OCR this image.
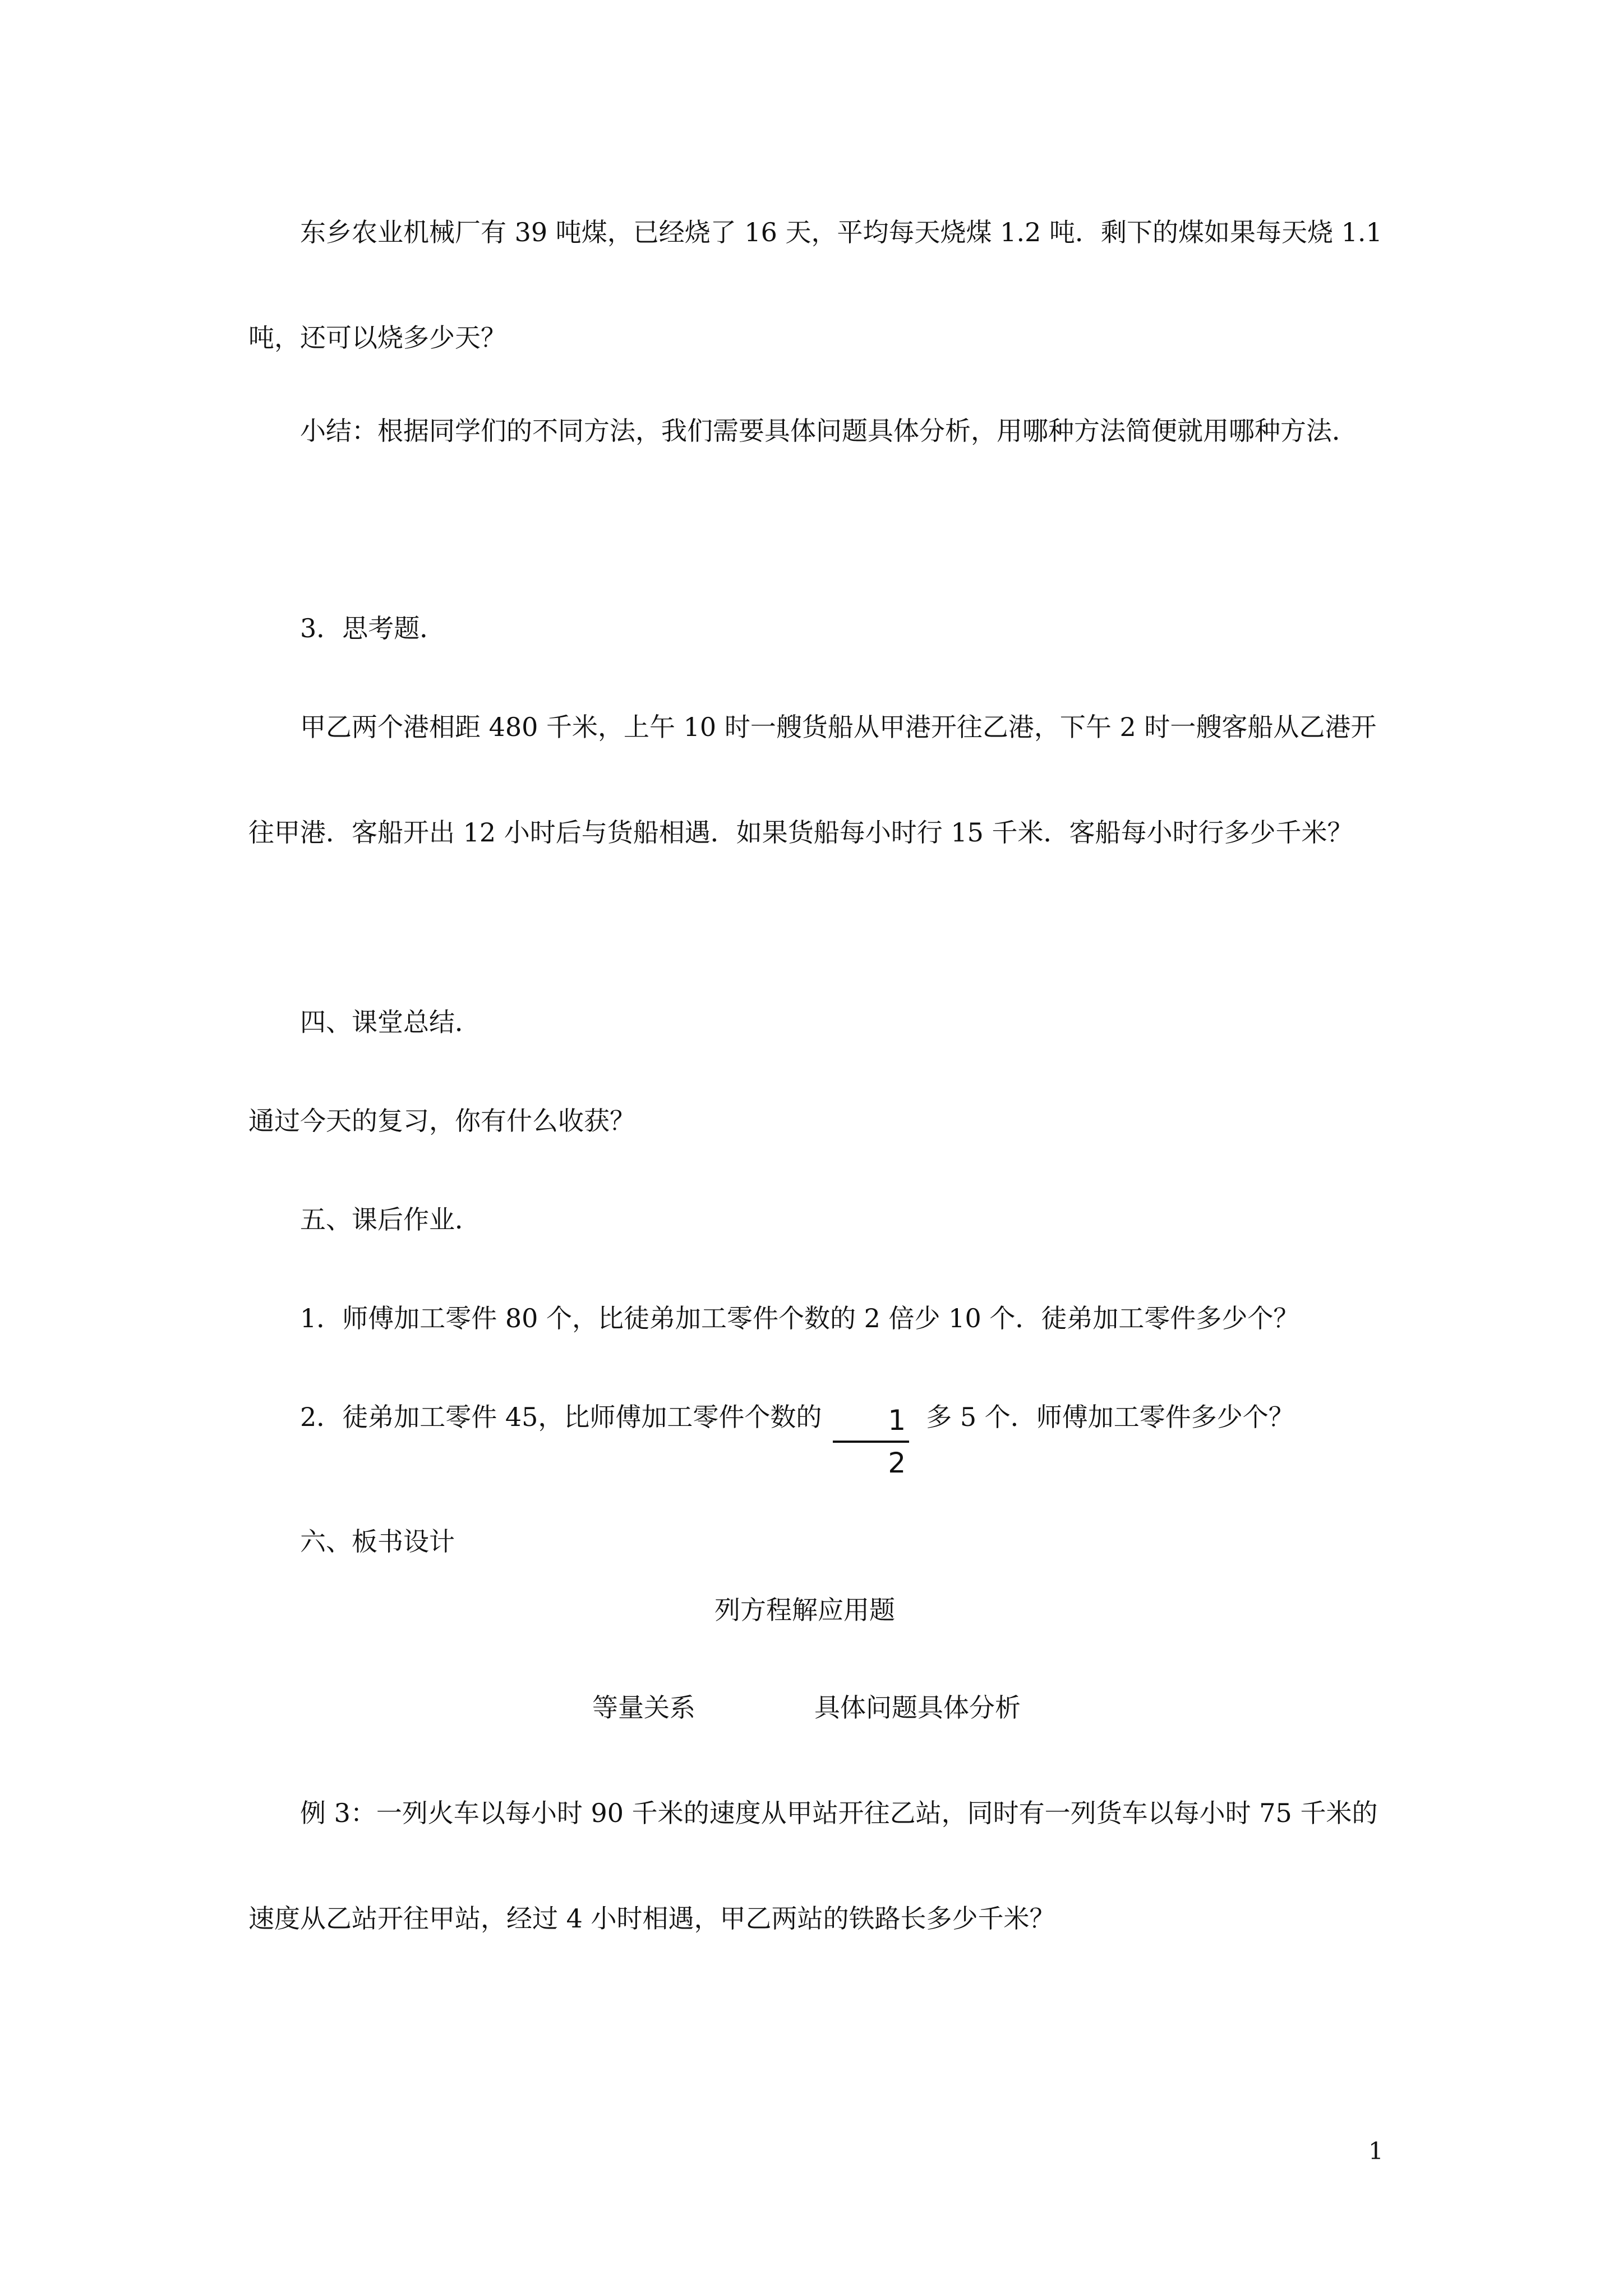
东乡农业机械厂有 39 吨煤，已经烧了 16 天，平均每天烧煤 1.2 吨．剩下的煤如果每天烧 1.1 吨，还可以烧多少天？

小结：根据同学们的不同方法，我们需要具体问题具体分析，用哪种方法简便就用哪种方法．

3．思考题．

甲乙两个港相距 480 千米，上午 10 时一艘货船从甲港开往乙港，下午 2 时一艘客船从乙港开往甲港．客船开出 12 小时后与货船相遇．如果货船每小时行 15 千米．客船每小时行多少千米？

四、课堂总结．

通过今天的复习，你有什么收获？

五、课后作业．

1．师傅加工零件 80 个，比徒弟加工零件个数的 2 倍少 10 个．徒弟加工零件多少个？

2．徒弟加工零件 45，比师傅加工零件个数的 $\frac{1}{2}$ 多 5 个．师傅加工零件多少个？

六、板书设计

列方程解应用题

等量关系	具体问题具体分析

例 3：一列火车以每小时 90 千米的速度从甲站开往乙站，同时有一列货车以每小时 75 千米的速度从乙站开往甲站，经过 4 小时相遇，甲乙两站的铁路长多少千米？

1
